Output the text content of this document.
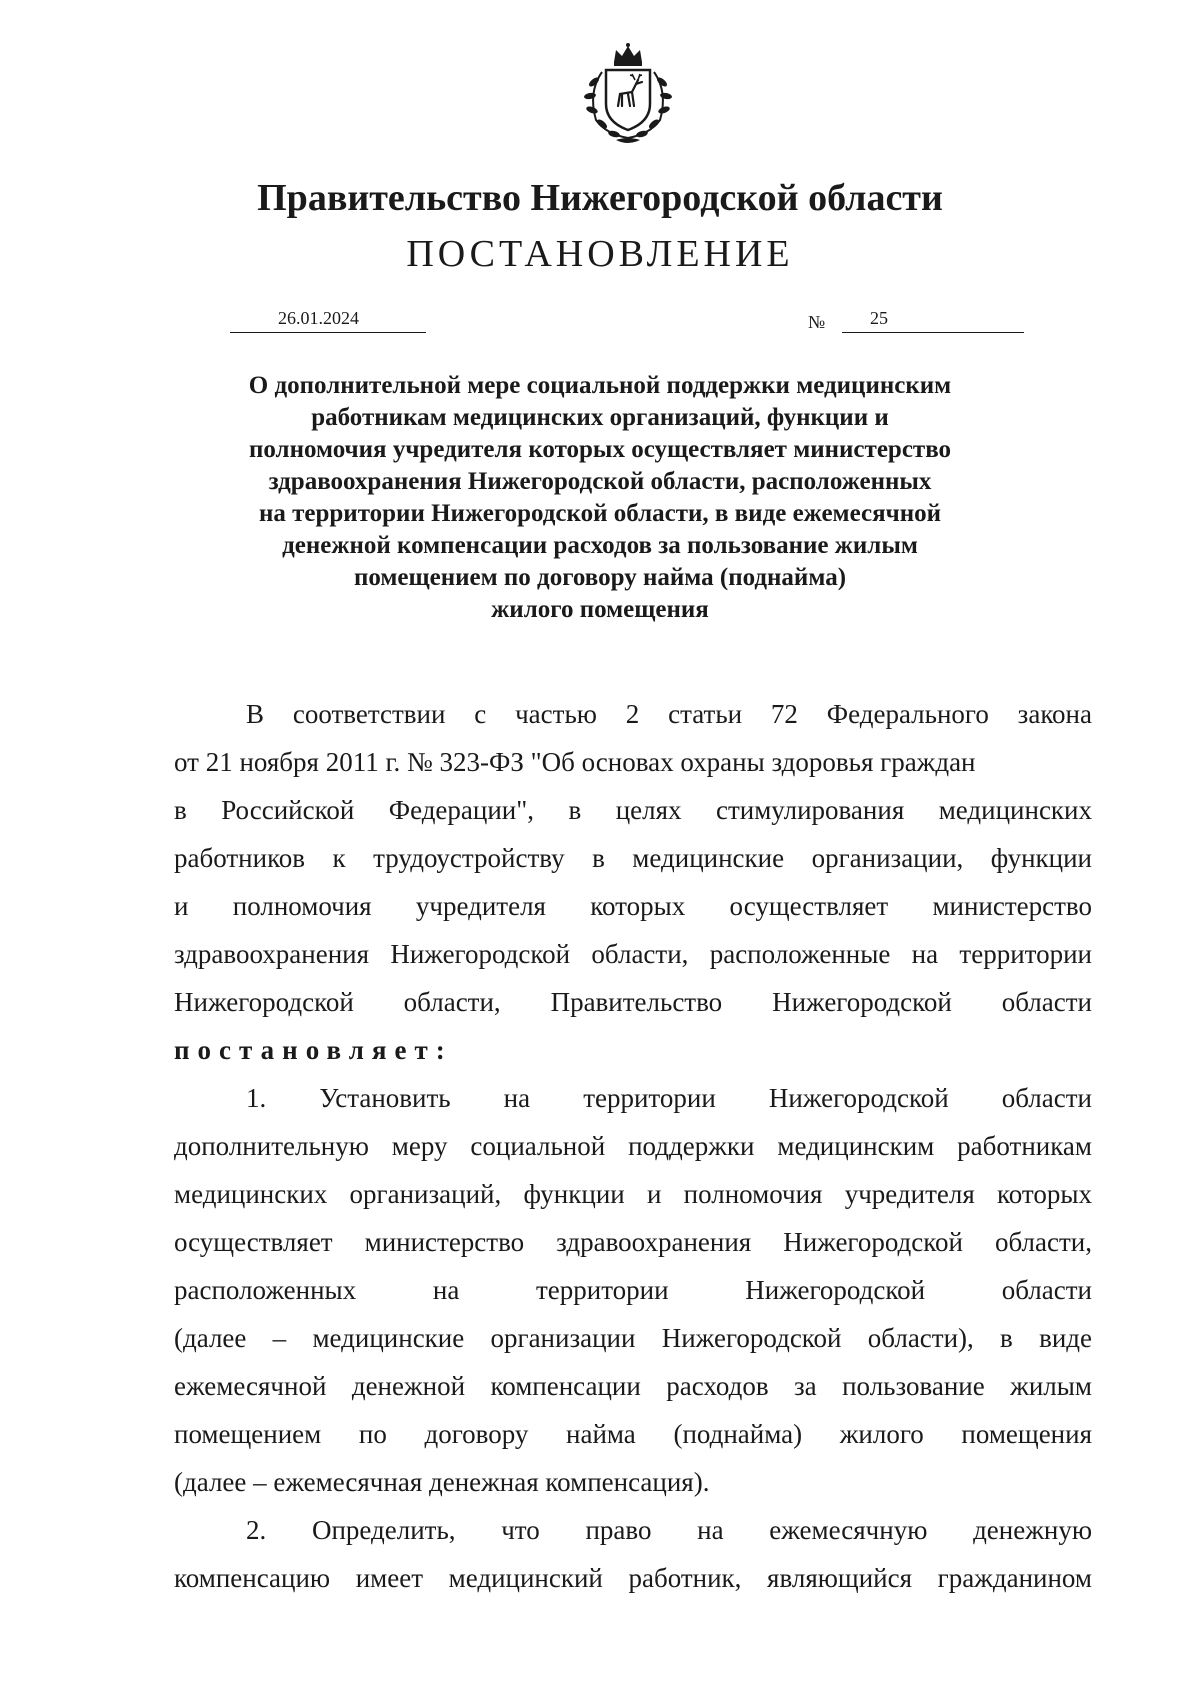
Правительство Нижегородской области
ПОСТАНОВЛЕНИЕ
26.01.2024	№ 25
О дополнительной мере социальной поддержки медицинским
работникам медицинских организаций, функции и
полномочия учредителя которых осуществляет министерство
здравоохранения Нижегородской области, расположенных
на территории Нижегородской области, в виде ежемесячной
денежной компенсации расходов за пользование жилым
помещением по договору найма (поднайма)
жилого помещения
В соответствии с частью 2 статьи 72 Федерального закона
от 21 ноября 2011 г. № 323-ФЗ "Об основах охраны здоровья граждан
в Российской Федерации", в целях стимулирования медицинских
работников к трудоустройству в медицинские организации, функции
и полномочия учредителя которых осуществляет министерство
здравоохранения Нижегородской области, расположенные на территории
Нижегородской области, Правительство Нижегородской области
постановляет:
1. Установить на территории Нижегородской области
дополнительную меру социальной поддержки медицинским работникам
медицинских организаций, функции и полномочия учредителя которых
осуществляет министерство здравоохранения Нижегородской области,
расположенных на территории Нижегородской области
(далее – медицинские организации Нижегородской области), в виде
ежемесячной денежной компенсации расходов за пользование жилым
помещением по договору найма (поднайма) жилого помещения
(далее – ежемесячная денежная компенсация).
2. Определить, что право на ежемесячную денежную
компенсацию имеет медицинский работник, являющийся гражданином
